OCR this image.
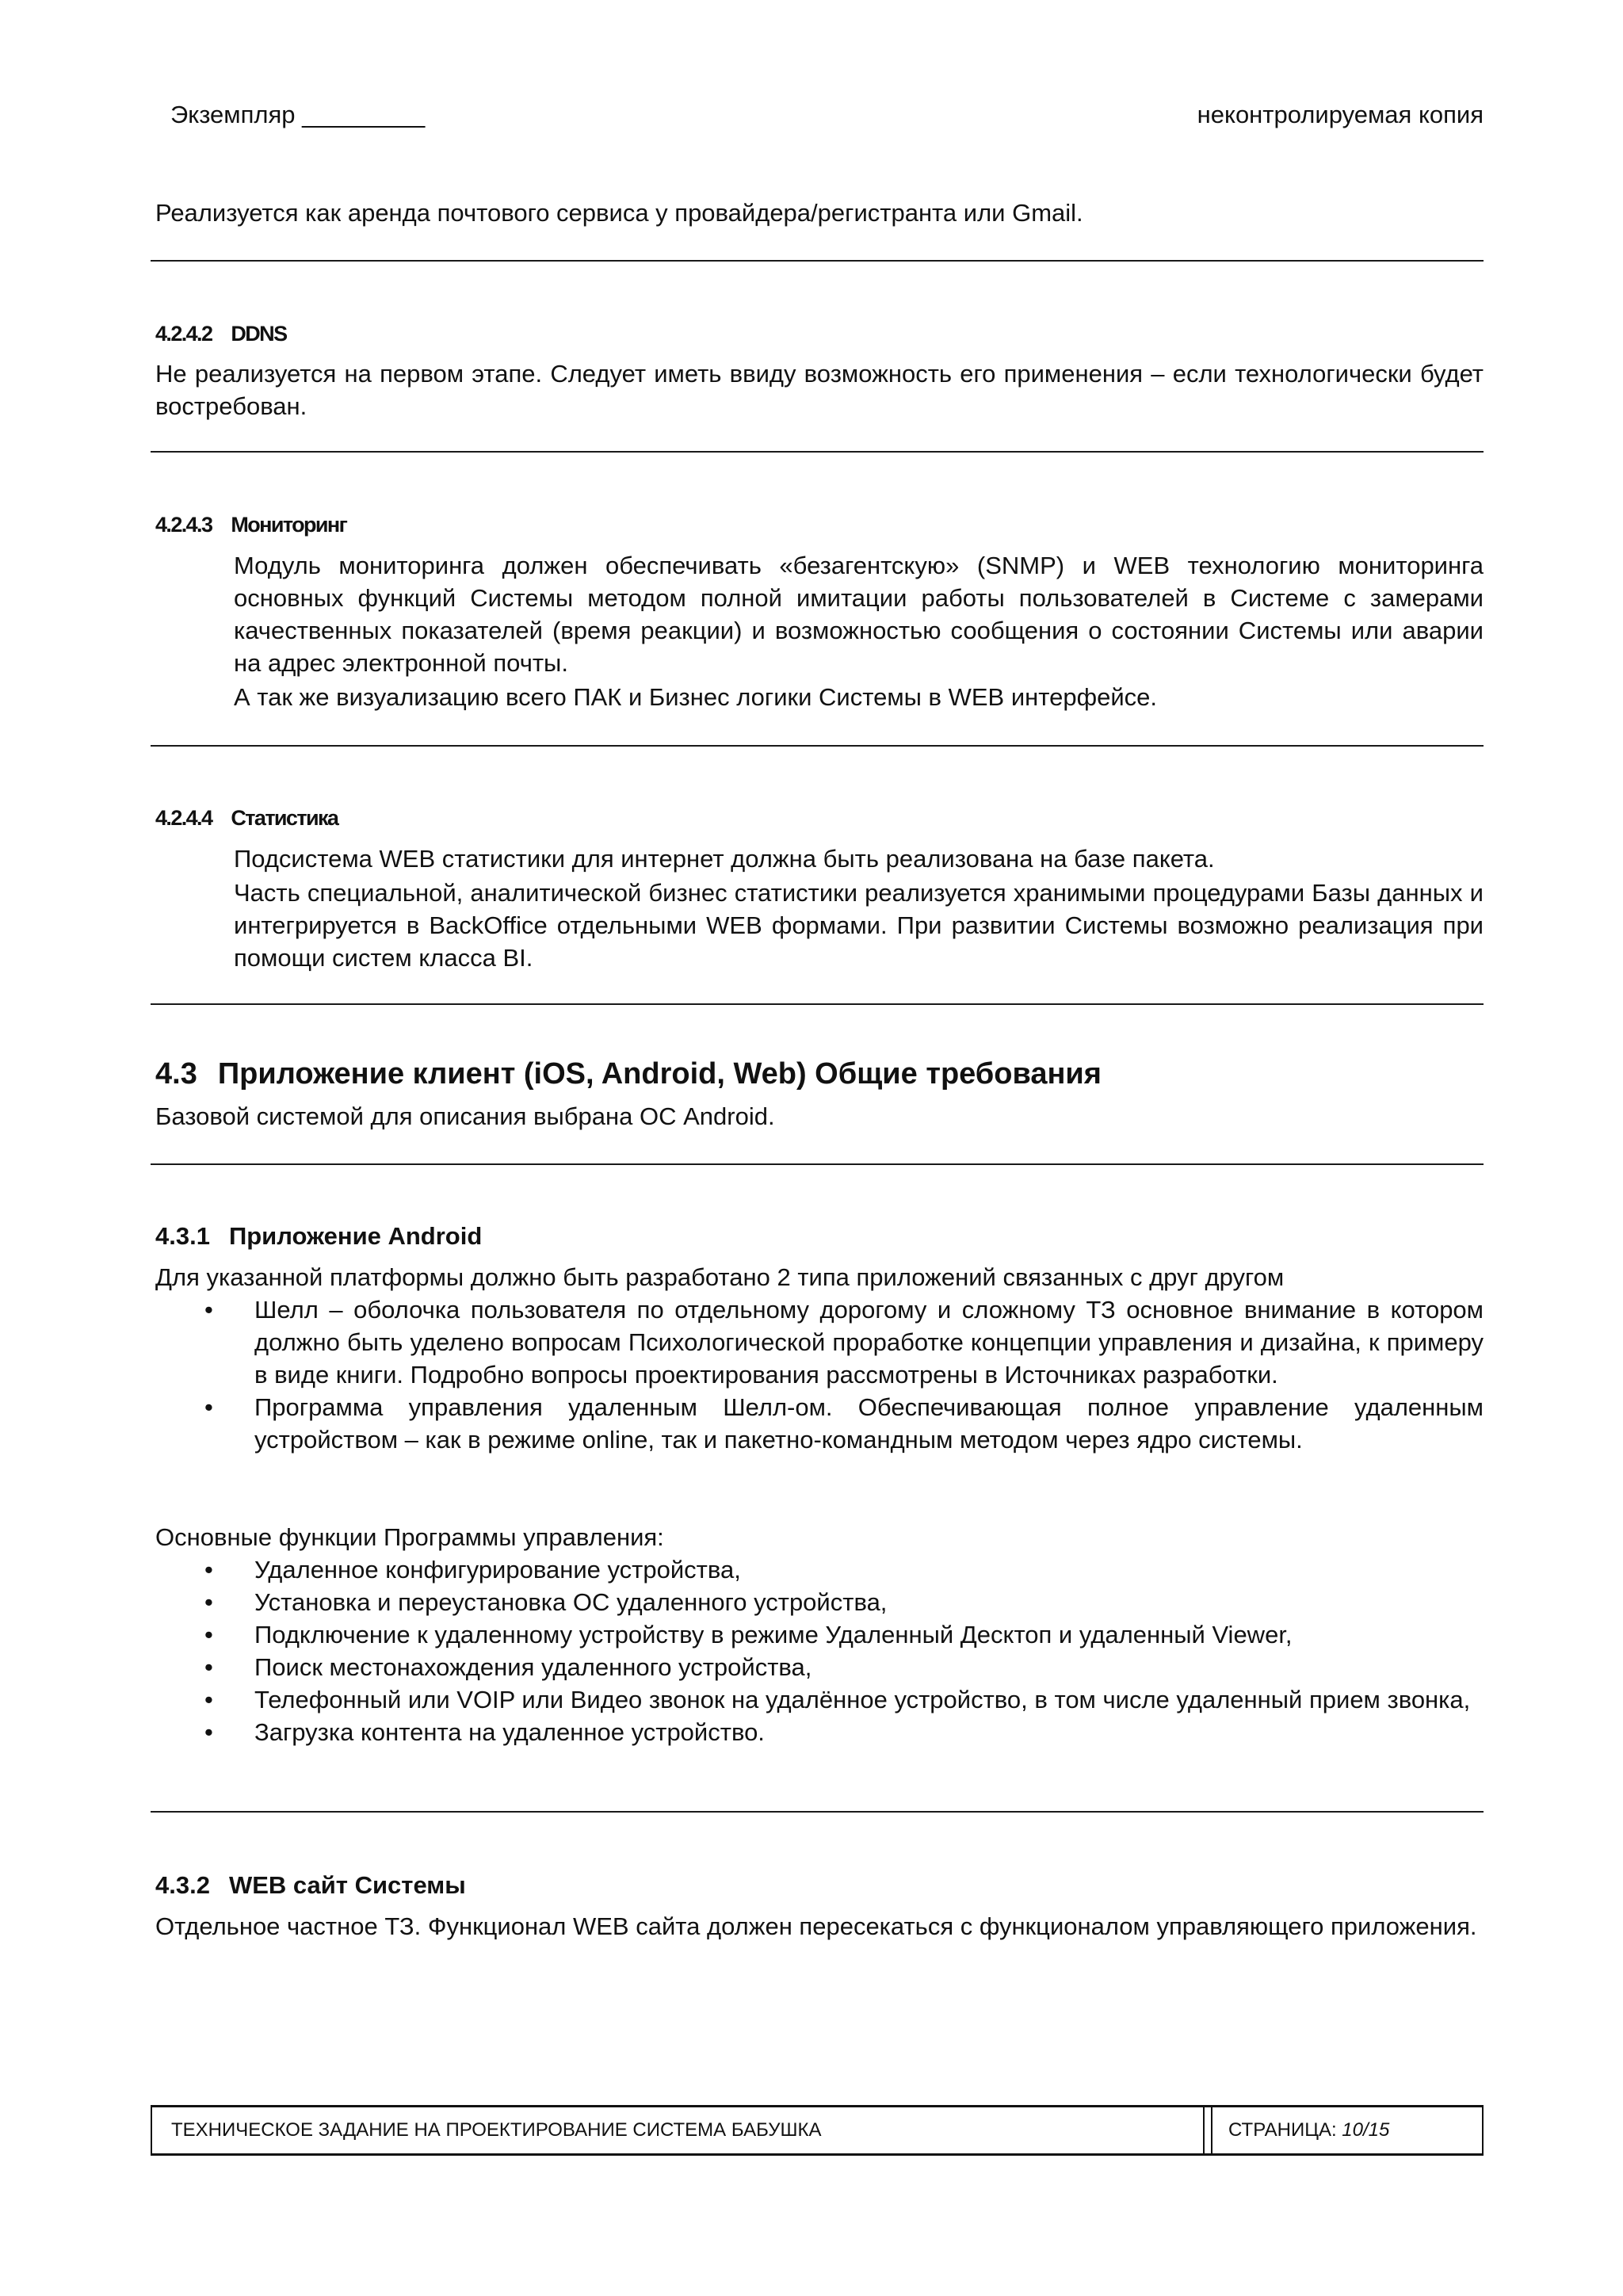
Экземпляр _________	неконтролируемая копия
Реализуется как аренда почтового сервиса у провайдера/регистранта или Gmail.
4.2.4.2 DDNS
Не реализуется на первом этапе. Следует иметь ввиду возможность его применения – если технологически будет востребован.
4.2.4.3 Мониторинг
Модуль мониторинга должен обеспечивать «безагентскую» (SNMP) и WEB технологию мониторинга основных функций Системы методом полной имитации работы пользователей в Системе с замерами качественных показателей (время реакции) и возможностью сообщения о состоянии Системы или аварии на адрес электронной почты.
А так же визуализацию всего ПАК и Бизнес логики Системы в WEB интерфейсе.
4.2.4.4 Статистика
Подсистема WEB статистики для интернет должна быть реализована на базе пакета.
Часть специальной, аналитической бизнес статистики реализуется хранимыми процедурами Базы данных и интегрируется в BackOffice отдельными WEB формами. При развитии Системы возможно реализация при помощи систем класса BI.
4.3 Приложение клиент (iOS, Android, Web) Общие требования
Базовой системой для описания выбрана ОС Android.
4.3.1 Приложение Android
Для указанной платформы должно быть разработано 2 типа приложений связанных с друг другом
• Шелл – оболочка пользователя по отдельному дорогому и сложному ТЗ основное внимание в котором должно быть уделено вопросам Психологической проработке концепции управления и дизайна, к примеру в виде книги. Подробно вопросы проектирования рассмотрены в Источниках разработки.
• Программа управления удаленным Шелл-ом. Обеспечивающая полное управление удаленным устройством – как в режиме online, так и пакетно-командным методом через ядро системы.
Основные функции Программы управления:
• Удаленное конфигурирование устройства,
• Установка и переустановка ОС удаленного устройства,
• Подключение к удаленному устройству в режиме Удаленный Десктоп и удаленный Viewer,
• Поиск местонахождения удаленного устройства,
• Телефонный или VOIP или Видео звонок на удалённое устройство, в том числе удаленный прием звонка,
• Загрузка контента на удаленное устройство.
4.3.2 WEB сайт Системы
Отдельное частное ТЗ. Функционал WEB сайта должен пересекаться с функционалом управляющего приложения.
ТЕХНИЧЕСКОЕ ЗАДАНИЕ НА ПРОЕКТИРОВАНИЕ СИСТЕМА БАБУШКА	СТРАНИЦА: 10/15
